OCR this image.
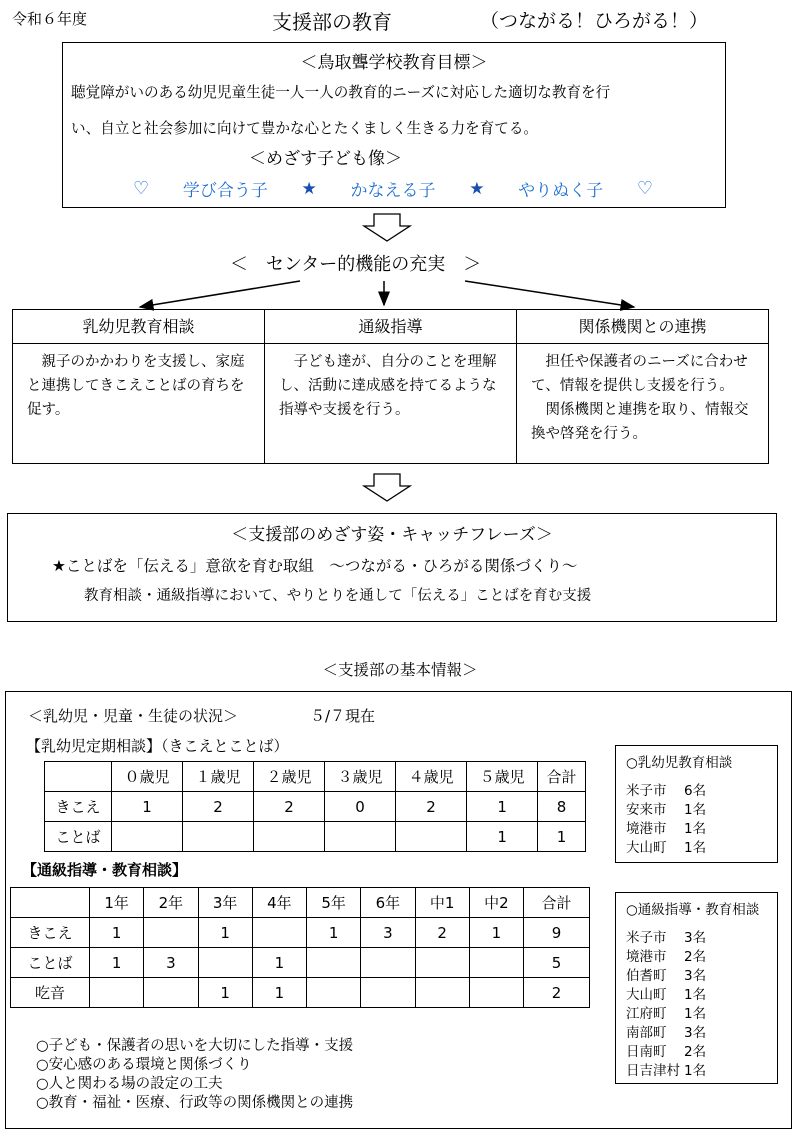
令和６年度	支援部の教育	（つながる！ひろがる！）
＜鳥取聾学校教育目標＞
聴覚障がいのある幼児児童生徒一人一人の教育的ニーズに対応した適切な教育を行
い、自立と社会参加に向けて豊かな心とたくましく生きる力を育てる。
＜めざす子ども像＞
♡ 学び合う子 ★ かなえる子 ★ やりぬく子 ♡
＜　センター的機能の充実　＞
乳幼児教育相談

親子のかかわりを支援し、家庭と連携してきこえことばの育ちを促す。

通級指導

子ども達が、自分のことを理解し、活動に達成感を持てるような指導や支援を行う。

関係機関との連携

担任や保護者のニーズに合わせて、情報を提供し支援を行う。

関係機関と連携を取り、情報交換や啓発を行う。

＜支援部のめざす姿・キャッチフレーズ＞
★ことばを「伝える」意欲を育む取組　〜つながる・ひろがる関係づくり〜
教育相談・通級指導において、やりとりを通して「伝える」ことばを育む支援
＜支援部の基本情報＞
＜乳幼児・児童・生徒の状況＞	５/７現在
【乳幼児定期相談】（きこえとことば）
	０歳児	１歳児	２歳児	３歳児	４歳児	５歳児	合計
きこえ	1	2	2	0	2	1	8
ことば						1	1
【通級指導・教育相談】
	1年	2年	3年	4年	5年	6年	中1	中2	合計
きこえ	1		1		1	3	2	1	9
ことば	1	3		1					5
吃音			1	1					2
○乳幼児教育相談
米子市	6名
安来市	1名
境港市	1名
大山町	1名
○通級指導・教育相談
米子市	3名
境港市	2名
伯耆町	3名
大山町	1名
江府町	1名
南部町	3名
日南町	2名
日吉津村 1名
○子ども・保護者の思いを大切にした指導・支援
○安心感のある環境と関係づくり
○人と関わる場の設定の工夫
○教育・福祉・医療、行政等の関係機関との連携
